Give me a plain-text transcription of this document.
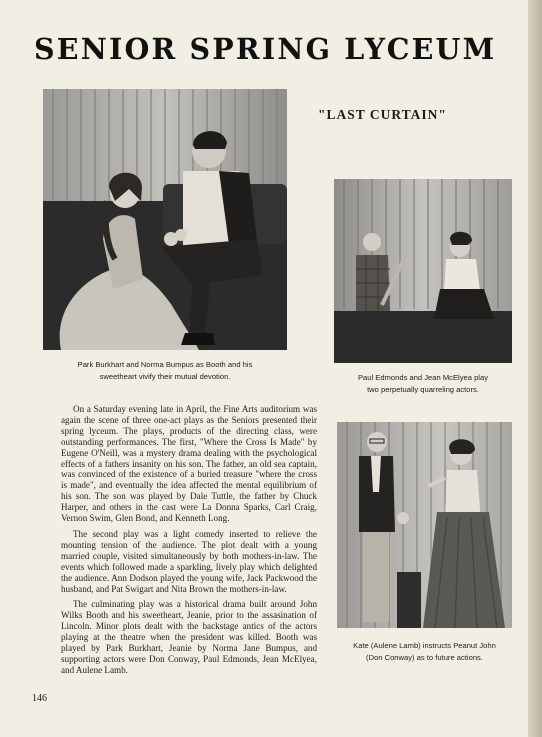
SENIOR SPRING LYCEUM
"LAST CURTAIN"
Park Burkhart and Norma Bumpus as Booth and his
sweetheart vivify their mutual devotion.	Paul Edmonds and Jean McElyea play
two perpetually quarreling actors.
Kate (Aulene Lamb) instructs Peanut John
(Don Conway) as to future actions.

On a Saturday evening late in April, the Fine Arts auditorium was again the scene of three one-act plays as the Seniors presented their spring lyceum. The plays, products of the directing class, were outstanding performances. The first, "Where the Cross Is Made" by Eugene O'Neill, was a mystery drama dealing with the psychological effects of a fathers insanity on his son. The father, an old sea captain, was convinced of the existence of a buried treasure "where the cross is made", and eventually the idea affected the mental equilibrium of his son. The son was played by Dale Tuttle, the father by Chuck Harper, and others in the cast were La Donna Sparks, Carl Craig, Vernon Swim, Glen Bond, and Kenneth Long.

The second play was a light comedy inserted to relieve the mounting tension of the audience. The plot dealt with a young married couple, visited simultaneously by both mothers-in-law. The events which followed made a sparkling, lively play which delighted the audience. Ann Dodson played the young wife, Jack Packwood the husband, and Pat Swigart and Nita Brown the mothers-in-law.

The culminating play was a historical drama built around John Wilks Booth and his sweetheart, Jeanie, prior to the assasination of Lincoln. Minor plots dealt with the backstage antics of the actors playing at the theatre when the president was killed. Booth was played by Park Burkhart, Jeanie by Norma Jane Bumpus, and supporting actors were Don Conway, Paul Edmonds, Jean McElyea, and Aulene Lamb.

146
